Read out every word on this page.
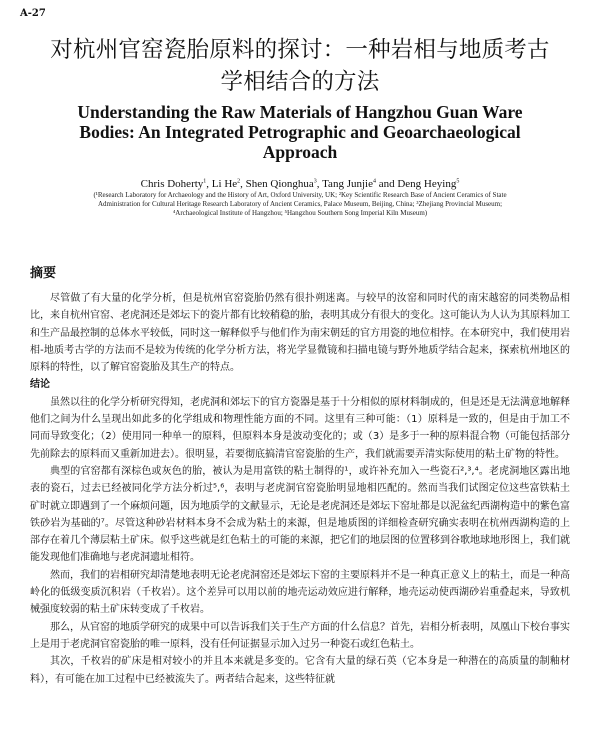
A-27
对杭州官窑瓷胎原料的探讨：一种岩相与地质考古学相结合的方法
Understanding the Raw Materials of Hangzhou Guan Ware Bodies: An Integrated Petrographic and Geoarchaeological Approach
Chris Doherty$^1$, Li He$^2$, Shen Qionghua$^3$, Tang Junjie$^4$ and Deng Heying$^5$
(¹Research Laboratory for Archaeology and the History of Art, Oxford University, UK; ²Key Scientific Research Base of Ancient Ceramics of State
Administration for Cultural Heritage Research Laboratory of Ancient Ceramics, Palace Museum, Beijing, China; ³Zhejiang Provincial Museum;
⁴Archaeological Institute of Hangzhou; ⁵Hangzhou Southern Song Imperial Kiln Museum)
摘要

尽管做了有大量的化学分析，但是杭州官窑瓷胎仍然有很扑朔迷离。与较早的汝窑和同时代的南宋越窑的同类物品相比，来自杭州官窑、老虎洞还是郊坛下的瓷片都有比较稍稳的胎，表明其成分有很大的变化。这可能认为人认为其原料加工和生产品最控制的总体水平较低，同时这一解释似乎与他们作为南宋朝廷的官方用瓷的地位相悖。在本研究中，我们使用岩相-地质考古学的方法而不是较为传统的化学分析方法，将光学显微镜和扫描电镜与野外地质学结合起来，探索杭州地区的原料的特性，以了解官窑瓷胎及其生产的特点。

结论

虽然以往的化学分析研究得知，老虎洞和郊坛下的官方瓷器是基于十分相似的原材料制成的，但是还是无法满意地解释他们之间为什么呈现出如此多的化学组成和物理性能方面的不同。这里有三种可能：（1）原料是一致的，但是由于加工不同而导致变化；（2）使用同一种单一的原料，但原料本身是波动变化的；或（3）是多于一种的原料混合物（可能包括部分先前除去的原料而又重新加进去）。很明显，若要彻底搞清官窑瓷胎的生产，我们就需要弄清实际使用的粘土矿物的特性。

典型的官窑都有深棕色或灰色的胎，被认为是用富铁的粘土制得的¹，或许补充加入一些瓷石²,³,⁴。老虎洞地区露出地表的瓷石，过去已经被同化学方法分析过⁵,⁶，表明与老虎洞官窑瓷胎明显地相匹配的。然而当我们试图定位这些富铁粘土矿时就立即遇到了一个麻烦问题，因为地质学的文献显示，无论是老虎洞还是郊坛下窑址都是以泥盆纪西湖构造中的紫色富铁砂岩为基础的⁷。尽管这种砂岩材料本身不会成为粘土的来源，但是地质图的详细检查研究确实表明在杭州西湖构造的上部存在着几个薄层粘土矿床。似乎这些就是红色粘土的可能的来源，把它们的地层图的位置移到谷歌地球地形图上，我们就能发现他们准确地与老虎洞遗址相符。

然而，我们的岩相研究却清楚地表明无论老虎洞窑还是郊坛下窑的主要原料并不是一种真正意义上的粘土，而是一种高岭化的低级变质沉积岩（千枚岩）。这个差异可以用以前的地壳运动效应进行解释，地壳运动使西湖砂岩重叠起来，导致机械强度较弱的粘土矿床转变成了千枚岩。

那么，从官窑的地质学研究的成果中可以告诉我们关于生产方面的什么信息？首先，岩相分析表明，凤凰山下校台事实上是用于老虎洞官窑瓷胎的唯一原料，没有任何证据显示加入过另一种瓷石或红色粘土。

其次，千枚岩的矿床是相对较小的并且本来就是多变的。它含有大量的绿石英（它本身是一种潜在的高质量的制釉材料），有可能在加工过程中已经被流失了。两者结合起来，这些特征就
